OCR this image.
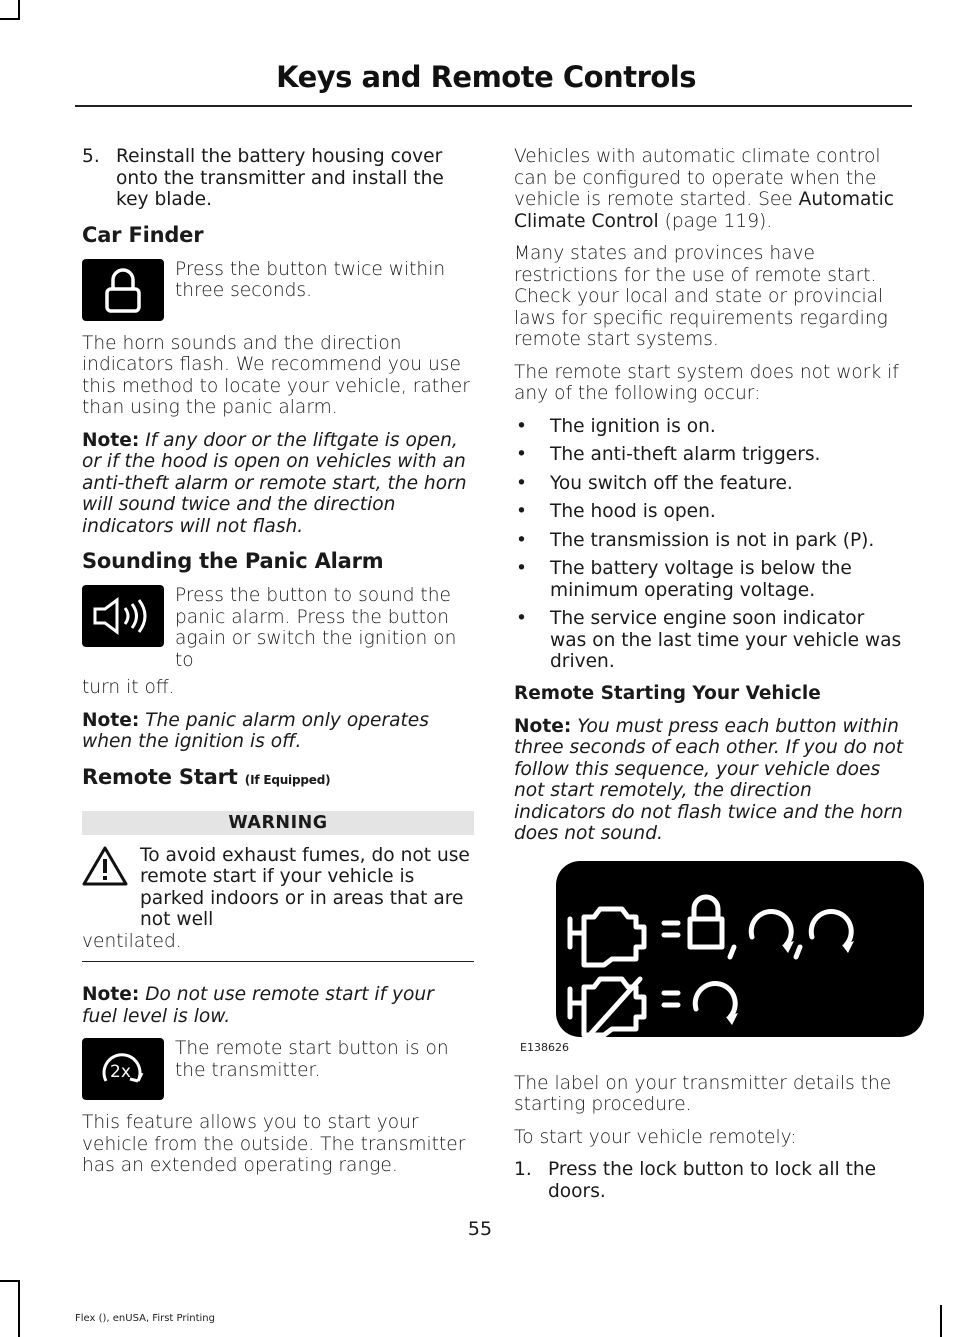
Keys and Remote Controls
5. Reinstall the battery housing cover onto the transmitter and install the key blade.
Car Finder

Press the button twice within three seconds.

The horn sounds and the direction indicators flash. We recommend you use this method to locate your vehicle, rather than using the panic alarm.

Note: If any door or the liftgate is open, or if the hood is open on vehicles with an anti-theft alarm or remote start, the horn will sound twice and the direction indicators will not flash.

Sounding the Panic Alarm

Press the button to sound the panic alarm. Press the button again or switch the ignition on to

turn it off.

Note: The panic alarm only operates when the ignition is off.

Remote Start (If Equipped)
WARNING
To avoid exhaust fumes, do not use remote start if your vehicle is parked indoors or in areas that are not well

ventilated.

Note: Do not use remote start if your fuel level is low.

2x

The remote start button is on the transmitter.

This feature allows you to start your vehicle from the outside. The transmitter has an extended operating range.

Vehicles with automatic climate control can be configured to operate when the vehicle is remote started. See Automatic Climate Control (page 119).

Many states and provinces have restrictions for the use of remote start. Check your local and state or provincial laws for specific requirements regarding remote start systems.

The remote start system does not work if any of the following occur:

•	The ignition is on.
•	The anti-theft alarm triggers.
•	You switch off the feature.
•	The hood is open.
•	The transmission is not in park (P).
•	The battery voltage is below the minimum operating voltage.
•	The service engine soon indicator was on the last time your vehicle was driven.
Remote Starting Your Vehicle

Note: You must press each button within three seconds of each other. If you do not follow this sequence, your vehicle does not start remotely, the direction indicators do not flash twice and the horn does not sound.

E138626

The label on your transmitter details the starting procedure.

To start your vehicle remotely:

1. Press the lock button to lock all the doors.
55
Flex (), enUSA, First Printing
